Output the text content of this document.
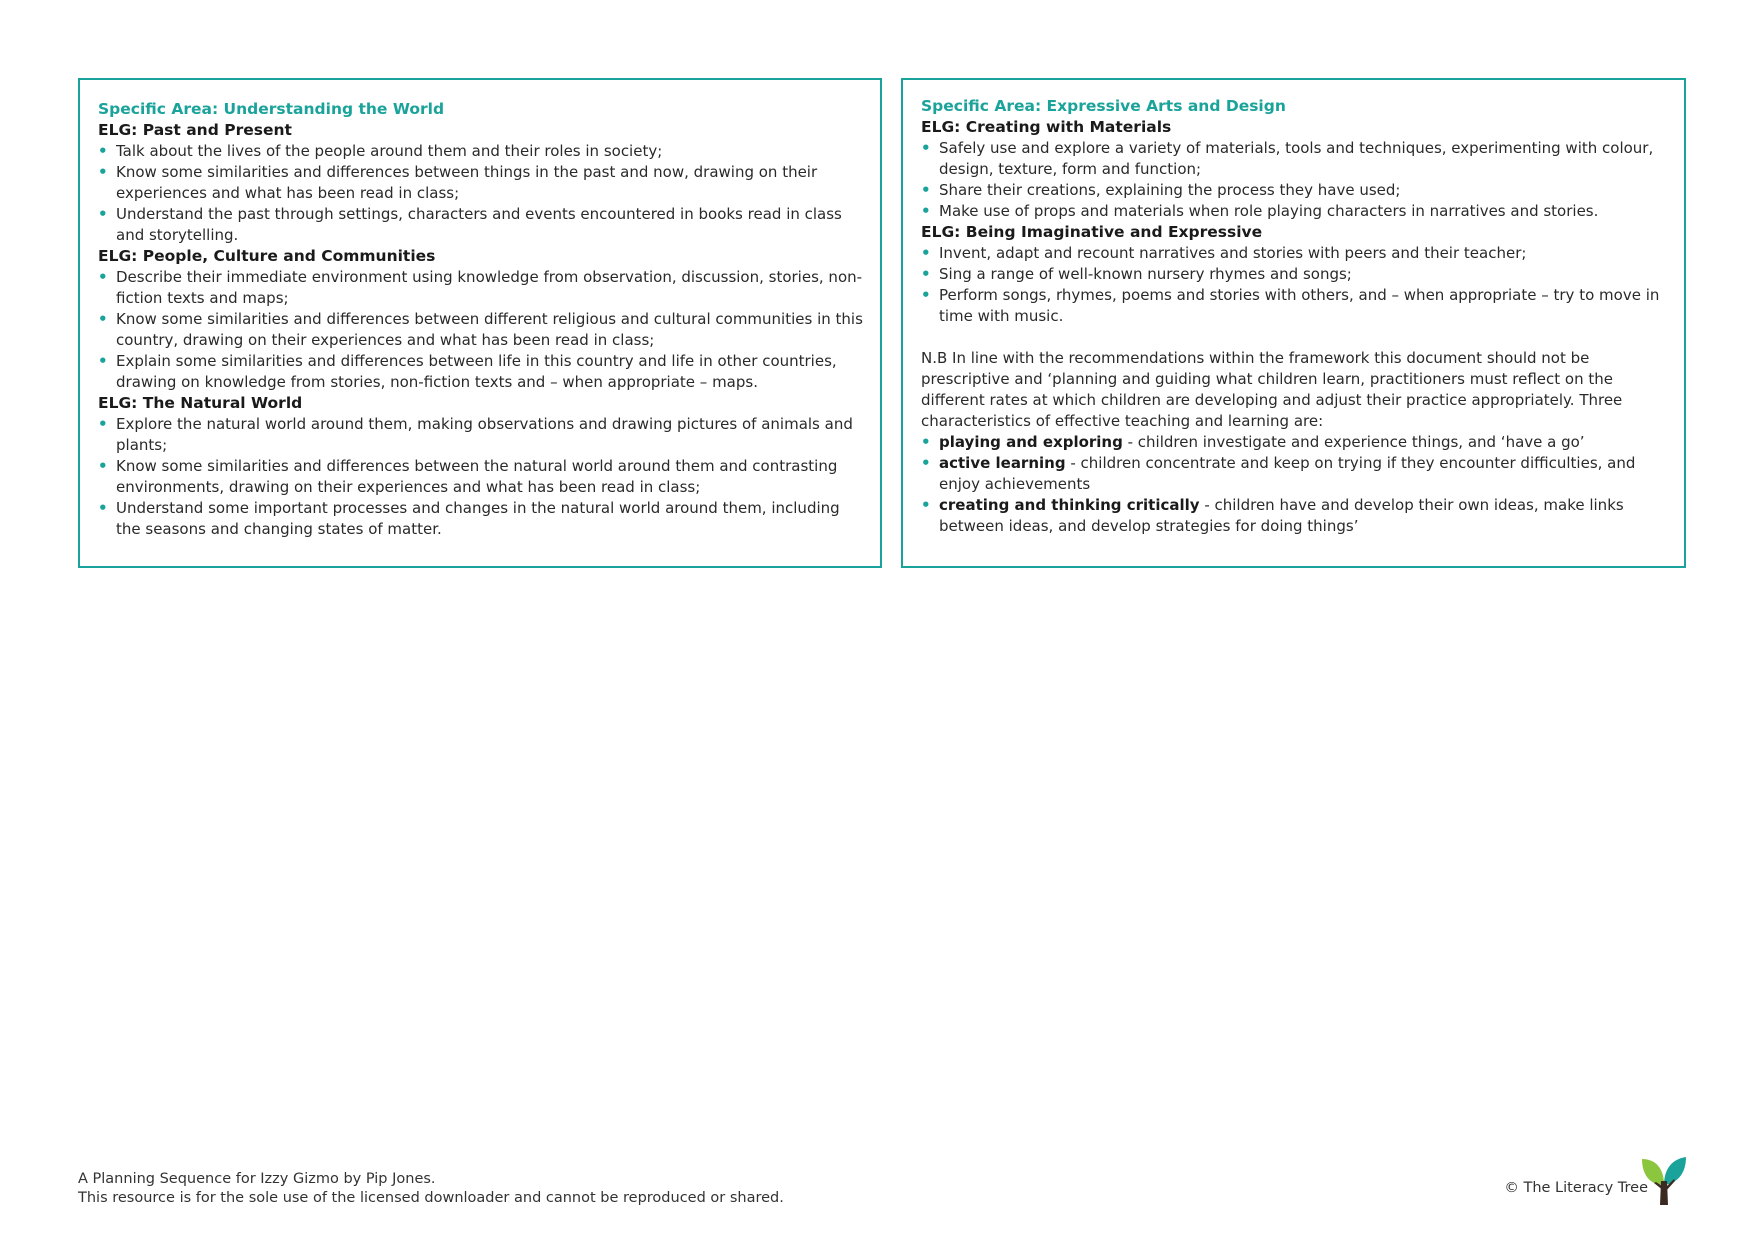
Specific Area: Understanding the World
ELG: Past and Present
• Talk about the lives of the people around them and their roles in society;
• Know some similarities and differences between things in the past and now, drawing on their experiences and what has been read in class;
• Understand the past through settings, characters and events encountered in books read in class and storytelling.
ELG: People, Culture and Communities
• Describe their immediate environment using knowledge from observation, discussion, stories, non-fiction texts and maps;
• Know some similarities and differences between different religious and cultural communities in this country, drawing on their experiences and what has been read in class;
• Explain some similarities and differences between life in this country and life in other countries, drawing on knowledge from stories, non-fiction texts and – when appropriate – maps.
ELG: The Natural World
• Explore the natural world around them, making observations and drawing pictures of animals and plants;
• Know some similarities and differences between the natural world around them and contrasting environments, drawing on their experiences and what has been read in class;
• Understand some important processes and changes in the natural world around them, including the seasons and changing states of matter.
Specific Area: Expressive Arts and Design
ELG: Creating with Materials
• Safely use and explore a variety of materials, tools and techniques, experimenting with colour, design, texture, form and function;
• Share their creations, explaining the process they have used;
• Make use of props and materials when role playing characters in narratives and stories.
ELG: Being Imaginative and Expressive
• Invent, adapt and recount narratives and stories with peers and their teacher;
• Sing a range of well-known nursery rhymes and songs;
• Perform songs, rhymes, poems and stories with others, and – when appropriate – try to move in time with music.

N.B In line with the recommendations within the framework this document should not be prescriptive and ‘planning and guiding what children learn, practitioners must reflect on the different rates at which children are developing and adjust their practice appropriately. Three characteristics of effective teaching and learning are:

• playing and exploring - children investigate and experience things, and ‘have a go’
• active learning - children concentrate and keep on trying if they encounter difficulties, and enjoy achievements
• creating and thinking critically - children have and develop their own ideas, make links between ideas, and develop strategies for doing things’
A Planning Sequence for Izzy Gizmo by Pip Jones.
This resource is for the sole use of the licensed downloader and cannot be reproduced or shared.
© The Literacy Tree
